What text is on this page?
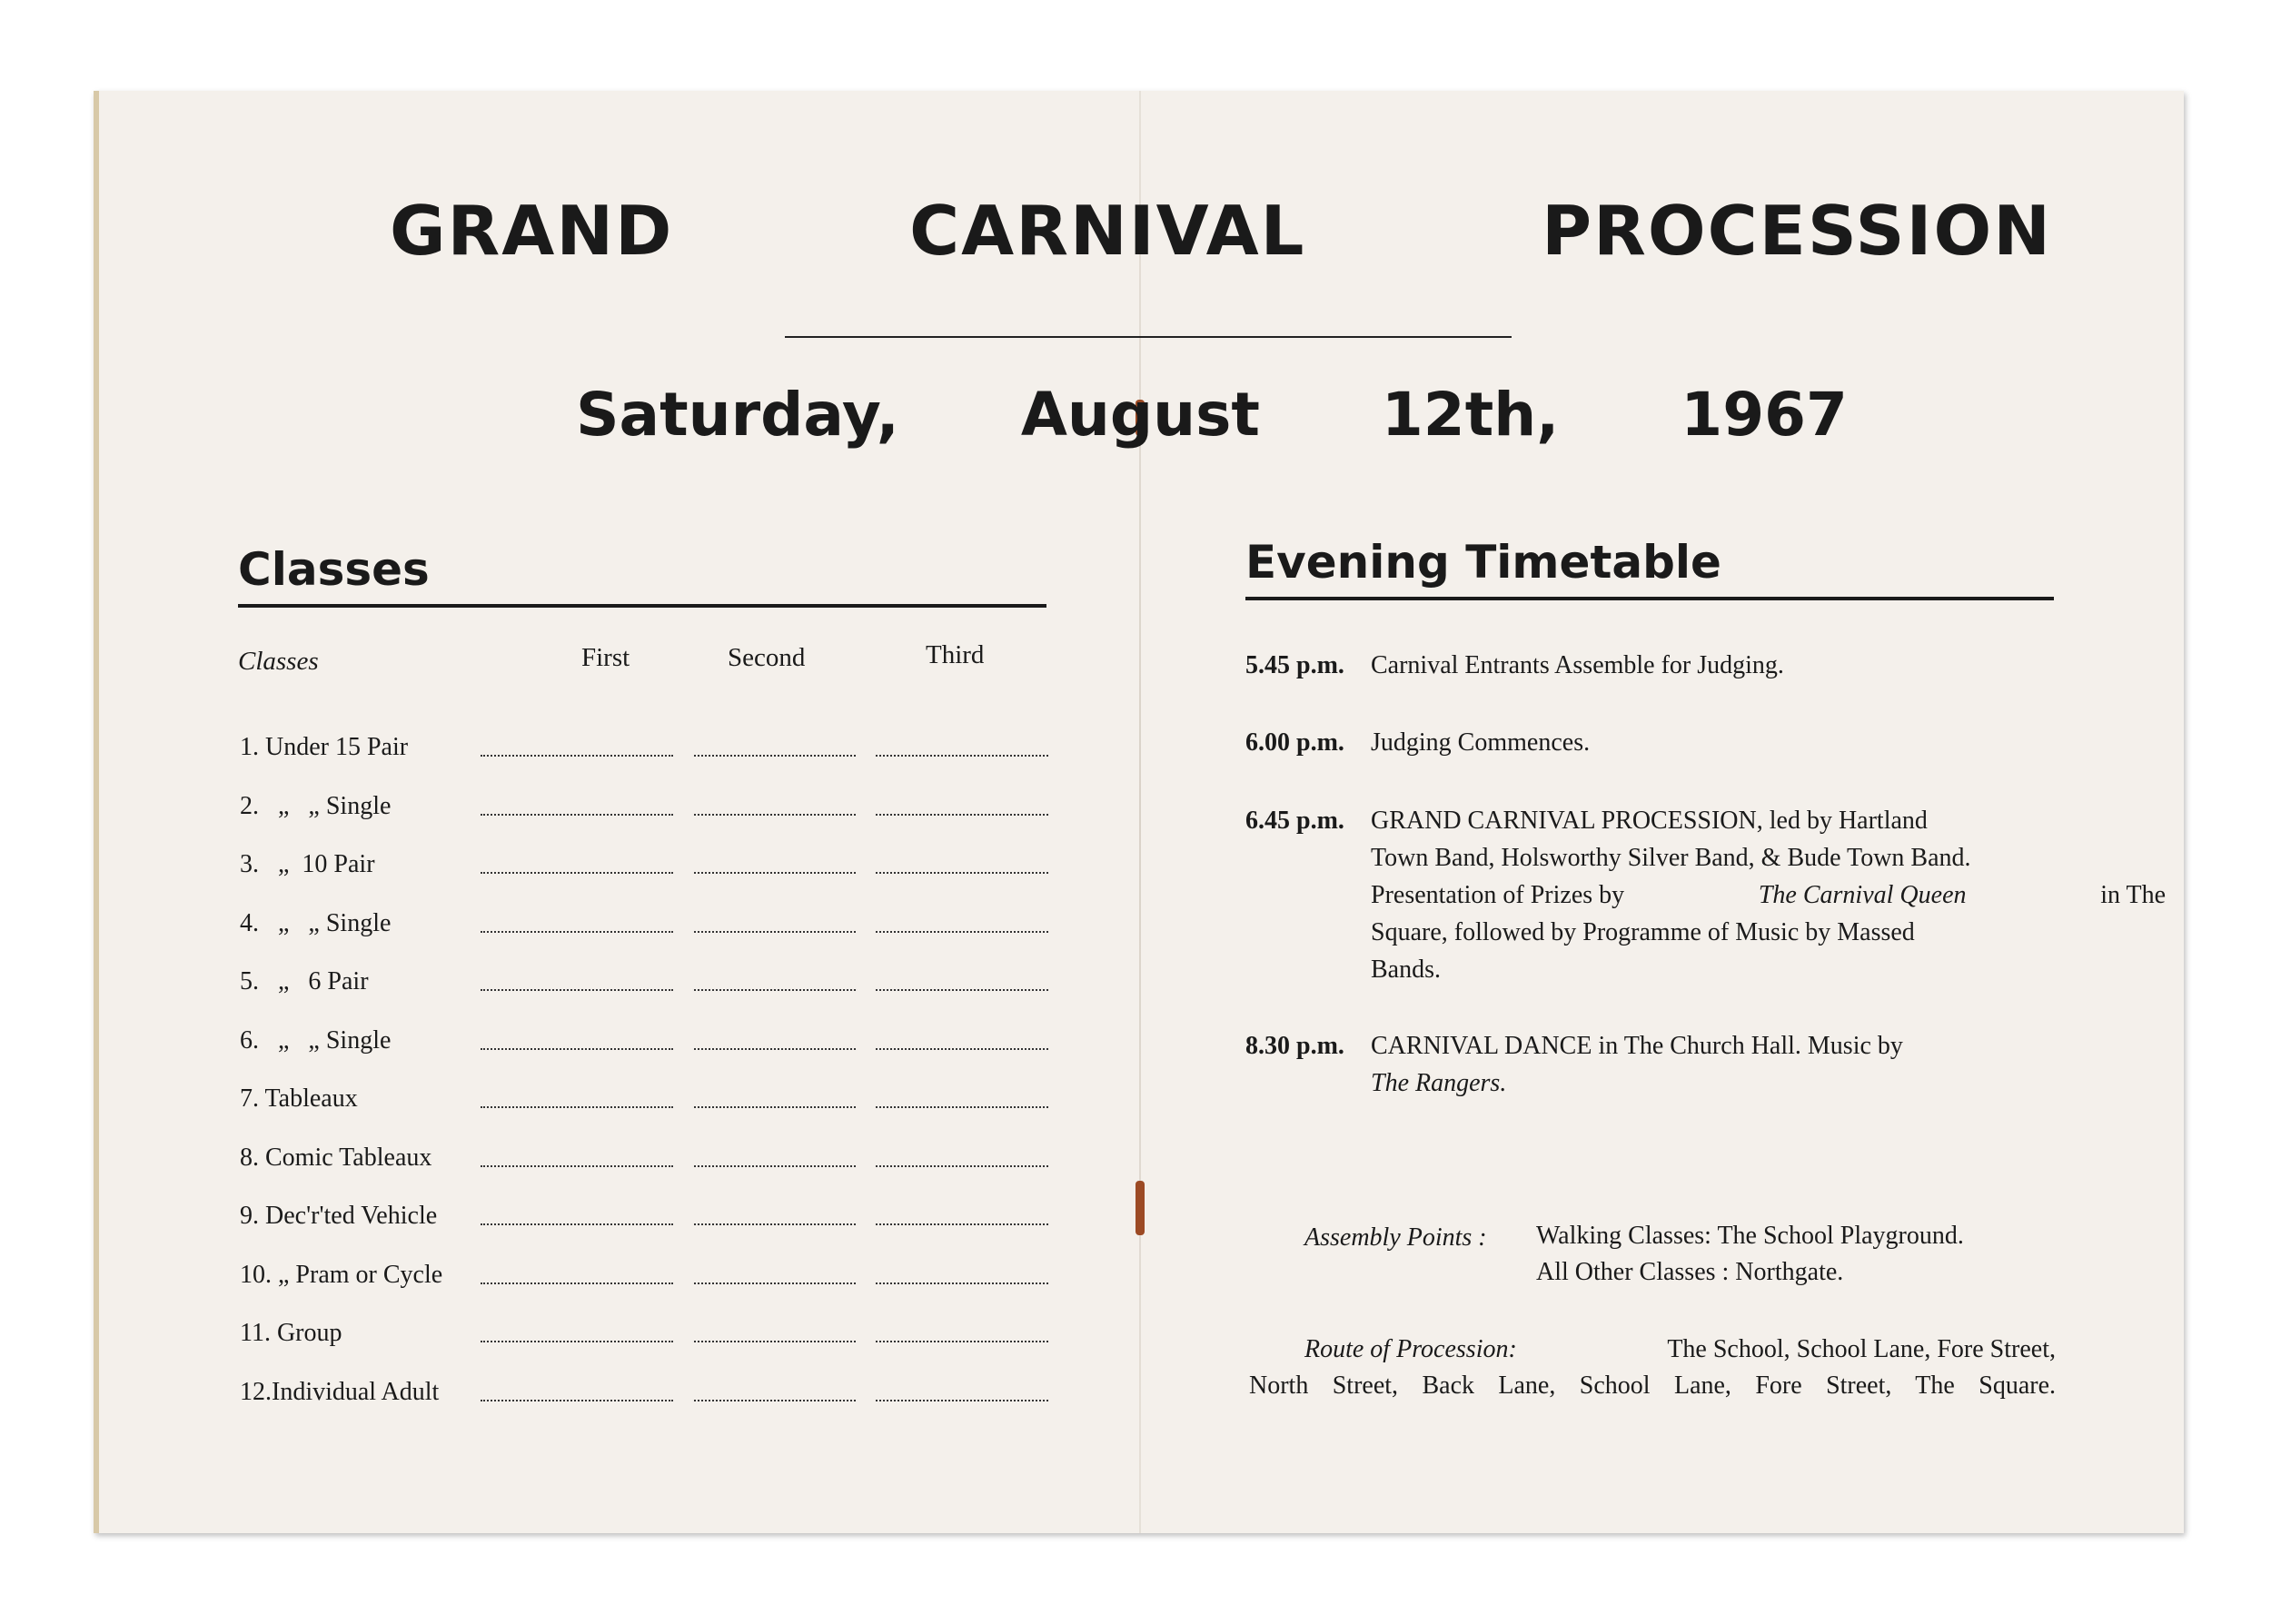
GRAND	CARNIVAL	PROCESSION
Saturday, August 12th, 1967
Classes
Classes	First	Second	Third
1. Under 15 Pair
2.   „   „ Single
3.   „  10 Pair
4.   „   „ Single
5.   „   6 Pair
6.   „   „ Single
7. Tableaux
8. Comic Tableaux
9. Dec'r'ted Vehicle
10. „ Pram or Cycle
11. Group
12.Individual Adult
Evening Timetable
5.45 p.m. Carnival Entrants Assemble for Judging.
6.00 p.m. Judging Commences.
6.45 p.m. GRAND CARNIVAL PROCESSION, led by Hartland
Town Band, Holsworthy Silver Band, & Bude Town Band.
Presentation of Prizes by	The Carnival Queen	in The
Square, followed by Programme of Music by Massed
Bands.
8.30 p.m. CARNIVAL DANCE in The Church Hall. Music by
The Rangers.
Assembly Points : Walking Classes: The School Playground.
All Other Classes : Northgate.
Route of Procession:	The School, School Lane, Fore Street,
North Street, Back Lane, School Lane, Fore Street, The Square.
